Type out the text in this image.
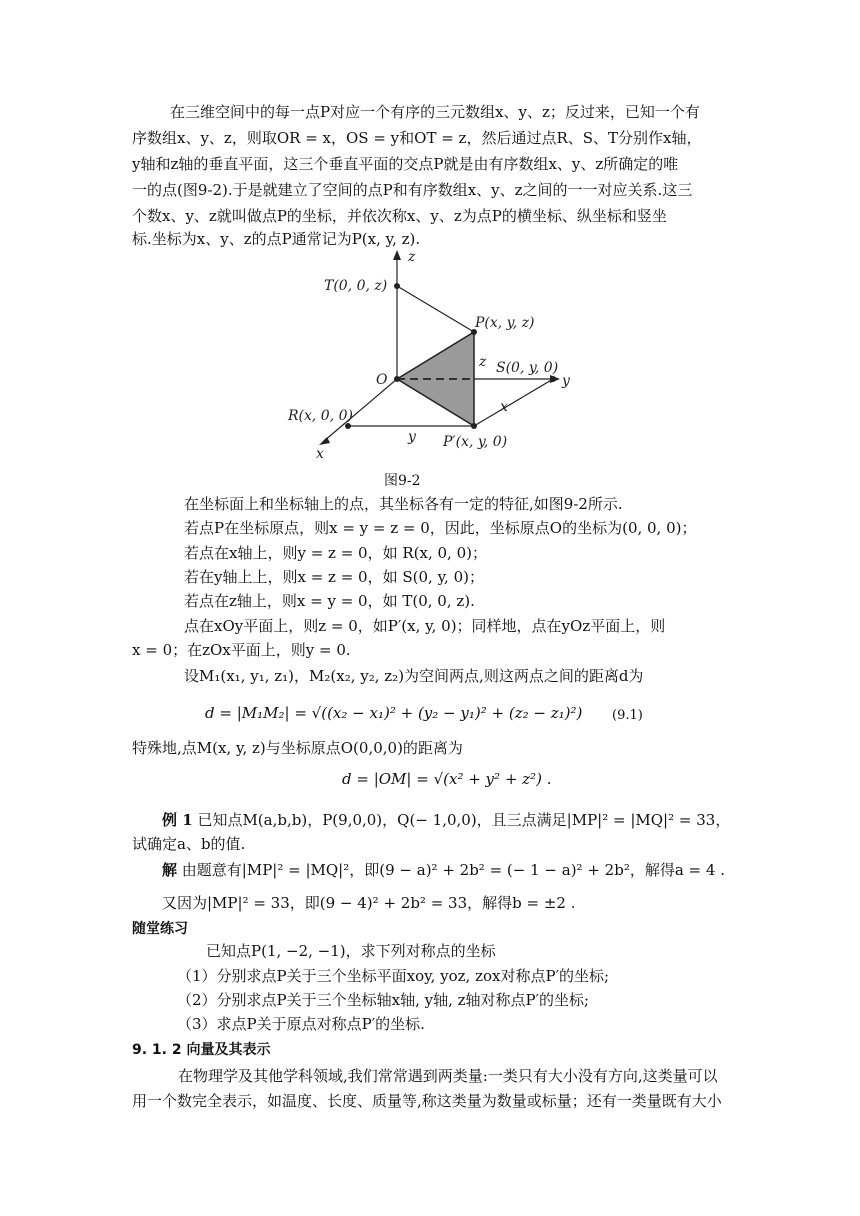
在三维空间中的每一点P对应一个有序的三元数组x、y、z；反过来，已知一个有
序数组x、y、z，则取OR = x，OS = y和OT = z，然后通过点R、S、T分别作x轴，
y轴和z轴的垂直平面，这三个垂直平面的交点P就是由有序数组x、y、z所确定的唯
一的点(图9-2).于是就建立了空间的点P和有序数组x、y、z之间的一一对应关系.这三
个数x、y、z就叫做点P的坐标，并依次称x、y、z为点P的横坐标、纵坐标和竖坐
标.坐标为x、y、z的点P通常记为P(x, y, z).
z
y
x
T(0, 0, z)
P(x, y, z)
O
S(0, y, 0)
R(x, 0, 0)
P′(x, y, 0)
z
x
y
图9-2
在坐标面上和坐标轴上的点，其坐标各有一定的特征,如图9-2所示.
若点P在坐标原点，则x = y = z = 0，因此，坐标原点O的坐标为(0, 0, 0)；
若点在x轴上，则y = z = 0，如 R(x, 0, 0)；
若在y轴上上，则x = z = 0，如 S(0, y, 0)；
若点在z轴上，则x = y = 0，如 T(0, 0, z).
点在xOy平面上，则z = 0，如P′(x, y, 0)；同样地，点在yOz平面上，则
x = 0；在zOx平面上，则y = 0.
设M₁(x₁, y₁, z₁)，M₂(x₂, y₂, z₂)为空间两点,则这两点之间的距离d为
d = |M₁M₂| = √((x₂ − x₁)² + (y₂ − y₁)² + (z₂ − z₁)²) (9.1)
特殊地,点M(x, y, z)与坐标原点O(0,0,0)的距离为
d = |OM| = √(x² + y² + z²) .
例 1 已知点M(a,b,b)，P(9,0,0)，Q(− 1,0,0)，且三点满足|MP|² = |MQ|² = 33，
试确定a、b的值.
解 由题意有|MP|² = |MQ|²，即(9 − a)² + 2b² = (− 1 − a)² + 2b²，解得a = 4 .
又因为|MP|² = 33，即(9 − 4)² + 2b² = 33，解得b = ±2 .
随堂练习
已知点P(1, −2, −1)，求下列对称点的坐标
（1）分别求点P关于三个坐标平面xoy, yoz, zox对称点P′的坐标;
（2）分别求点P关于三个坐标轴x轴, y轴, z轴对称点P′的坐标;
（3）求点P关于原点对称点P′的坐标.
9. 1. 2 向量及其表示
在物理学及其他学科领域,我们常常遇到两类量:一类只有大小没有方向,这类量可以
用一个数完全表示，如温度、长度、质量等,称这类量为数量或标量；还有一类量既有大小
